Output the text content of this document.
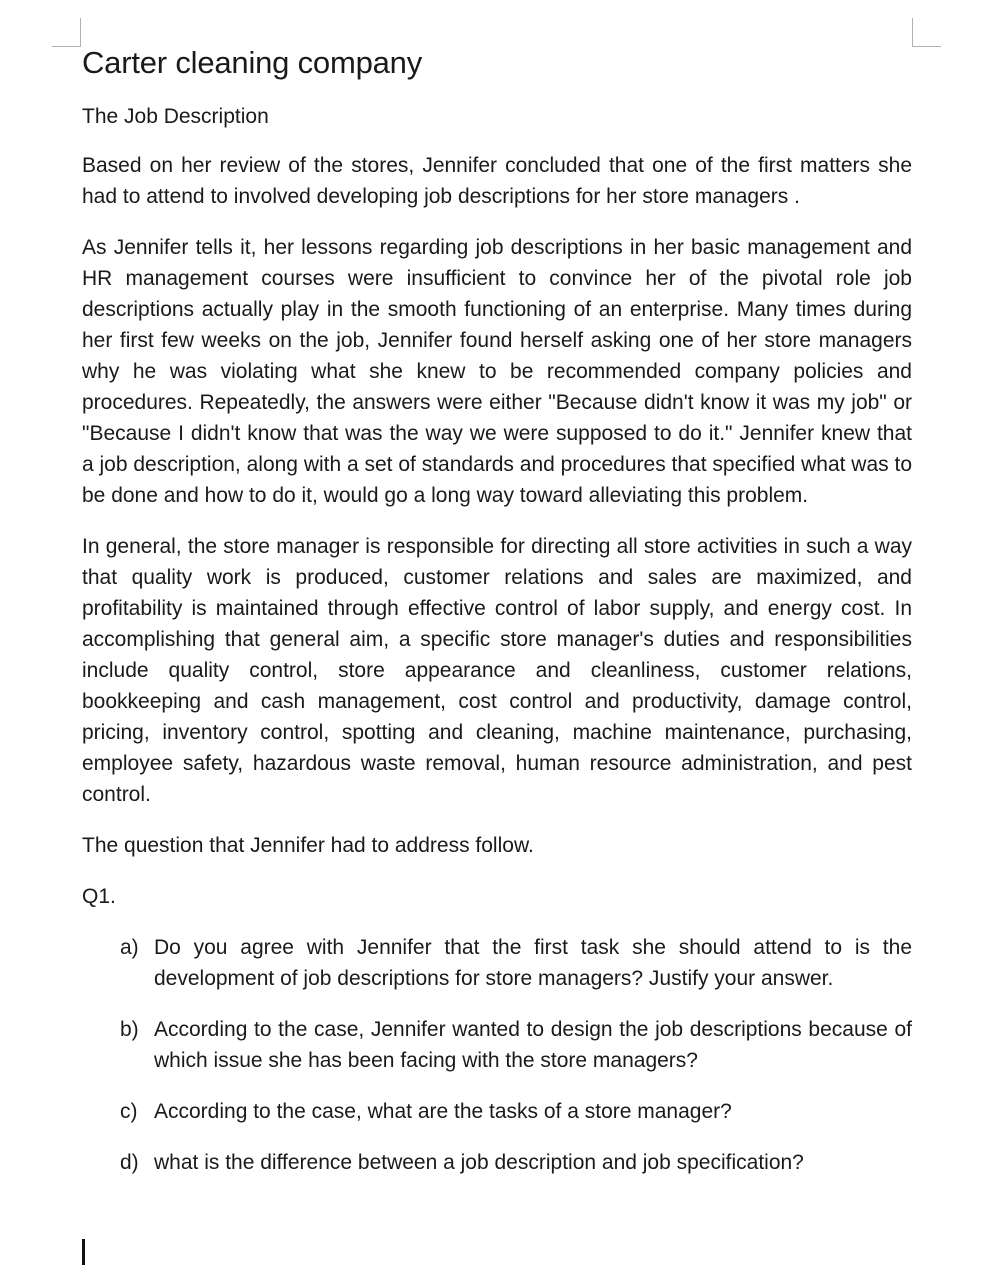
Carter cleaning company
The Job Description

Based on her review of the stores, Jennifer concluded that one of the first matters she had to attend to involved developing job descriptions for her store managers .

As Jennifer tells it, her lessons regarding job descriptions in her basic management and HR management courses were insufficient to convince her of the pivotal role job descriptions actually play in the smooth functioning of an enterprise. Many times during her first few weeks on the job, Jennifer found herself asking one of her store managers why he was violating what she knew to be recommended company policies and procedures. Repeatedly, the answers were either "Because didn't know it was my job" or "Because I didn't know that was the way we were supposed to do it." Jennifer knew that a job description, along with a set of standards and procedures that specified what was to be done and how to do it, would go a long way toward alleviating this problem.

In general, the store manager is responsible for directing all store activities in such a way that quality work is produced, customer relations and sales are maximized, and profitability is maintained through effective control of labor supply, and energy cost. In accomplishing that general aim, a specific store manager's duties and responsibilities include quality control, store appearance and cleanliness, customer relations, bookkeeping and cash management, cost control and productivity, damage control, pricing, inventory control, spotting and cleaning, machine maintenance, purchasing, employee safety, hazardous waste removal, human resource administration, and pest control.

The question that Jennifer had to address follow.

Q1.
a) Do you agree with Jennifer that the first task she should attend to is the development of job descriptions for store managers? Justify your answer.
b) According to the case, Jennifer wanted to design the job descriptions because of which issue she has been facing with the store managers?
c) According to the case, what are the tasks of a store manager?
d) what is the difference between a job description and job specification?
